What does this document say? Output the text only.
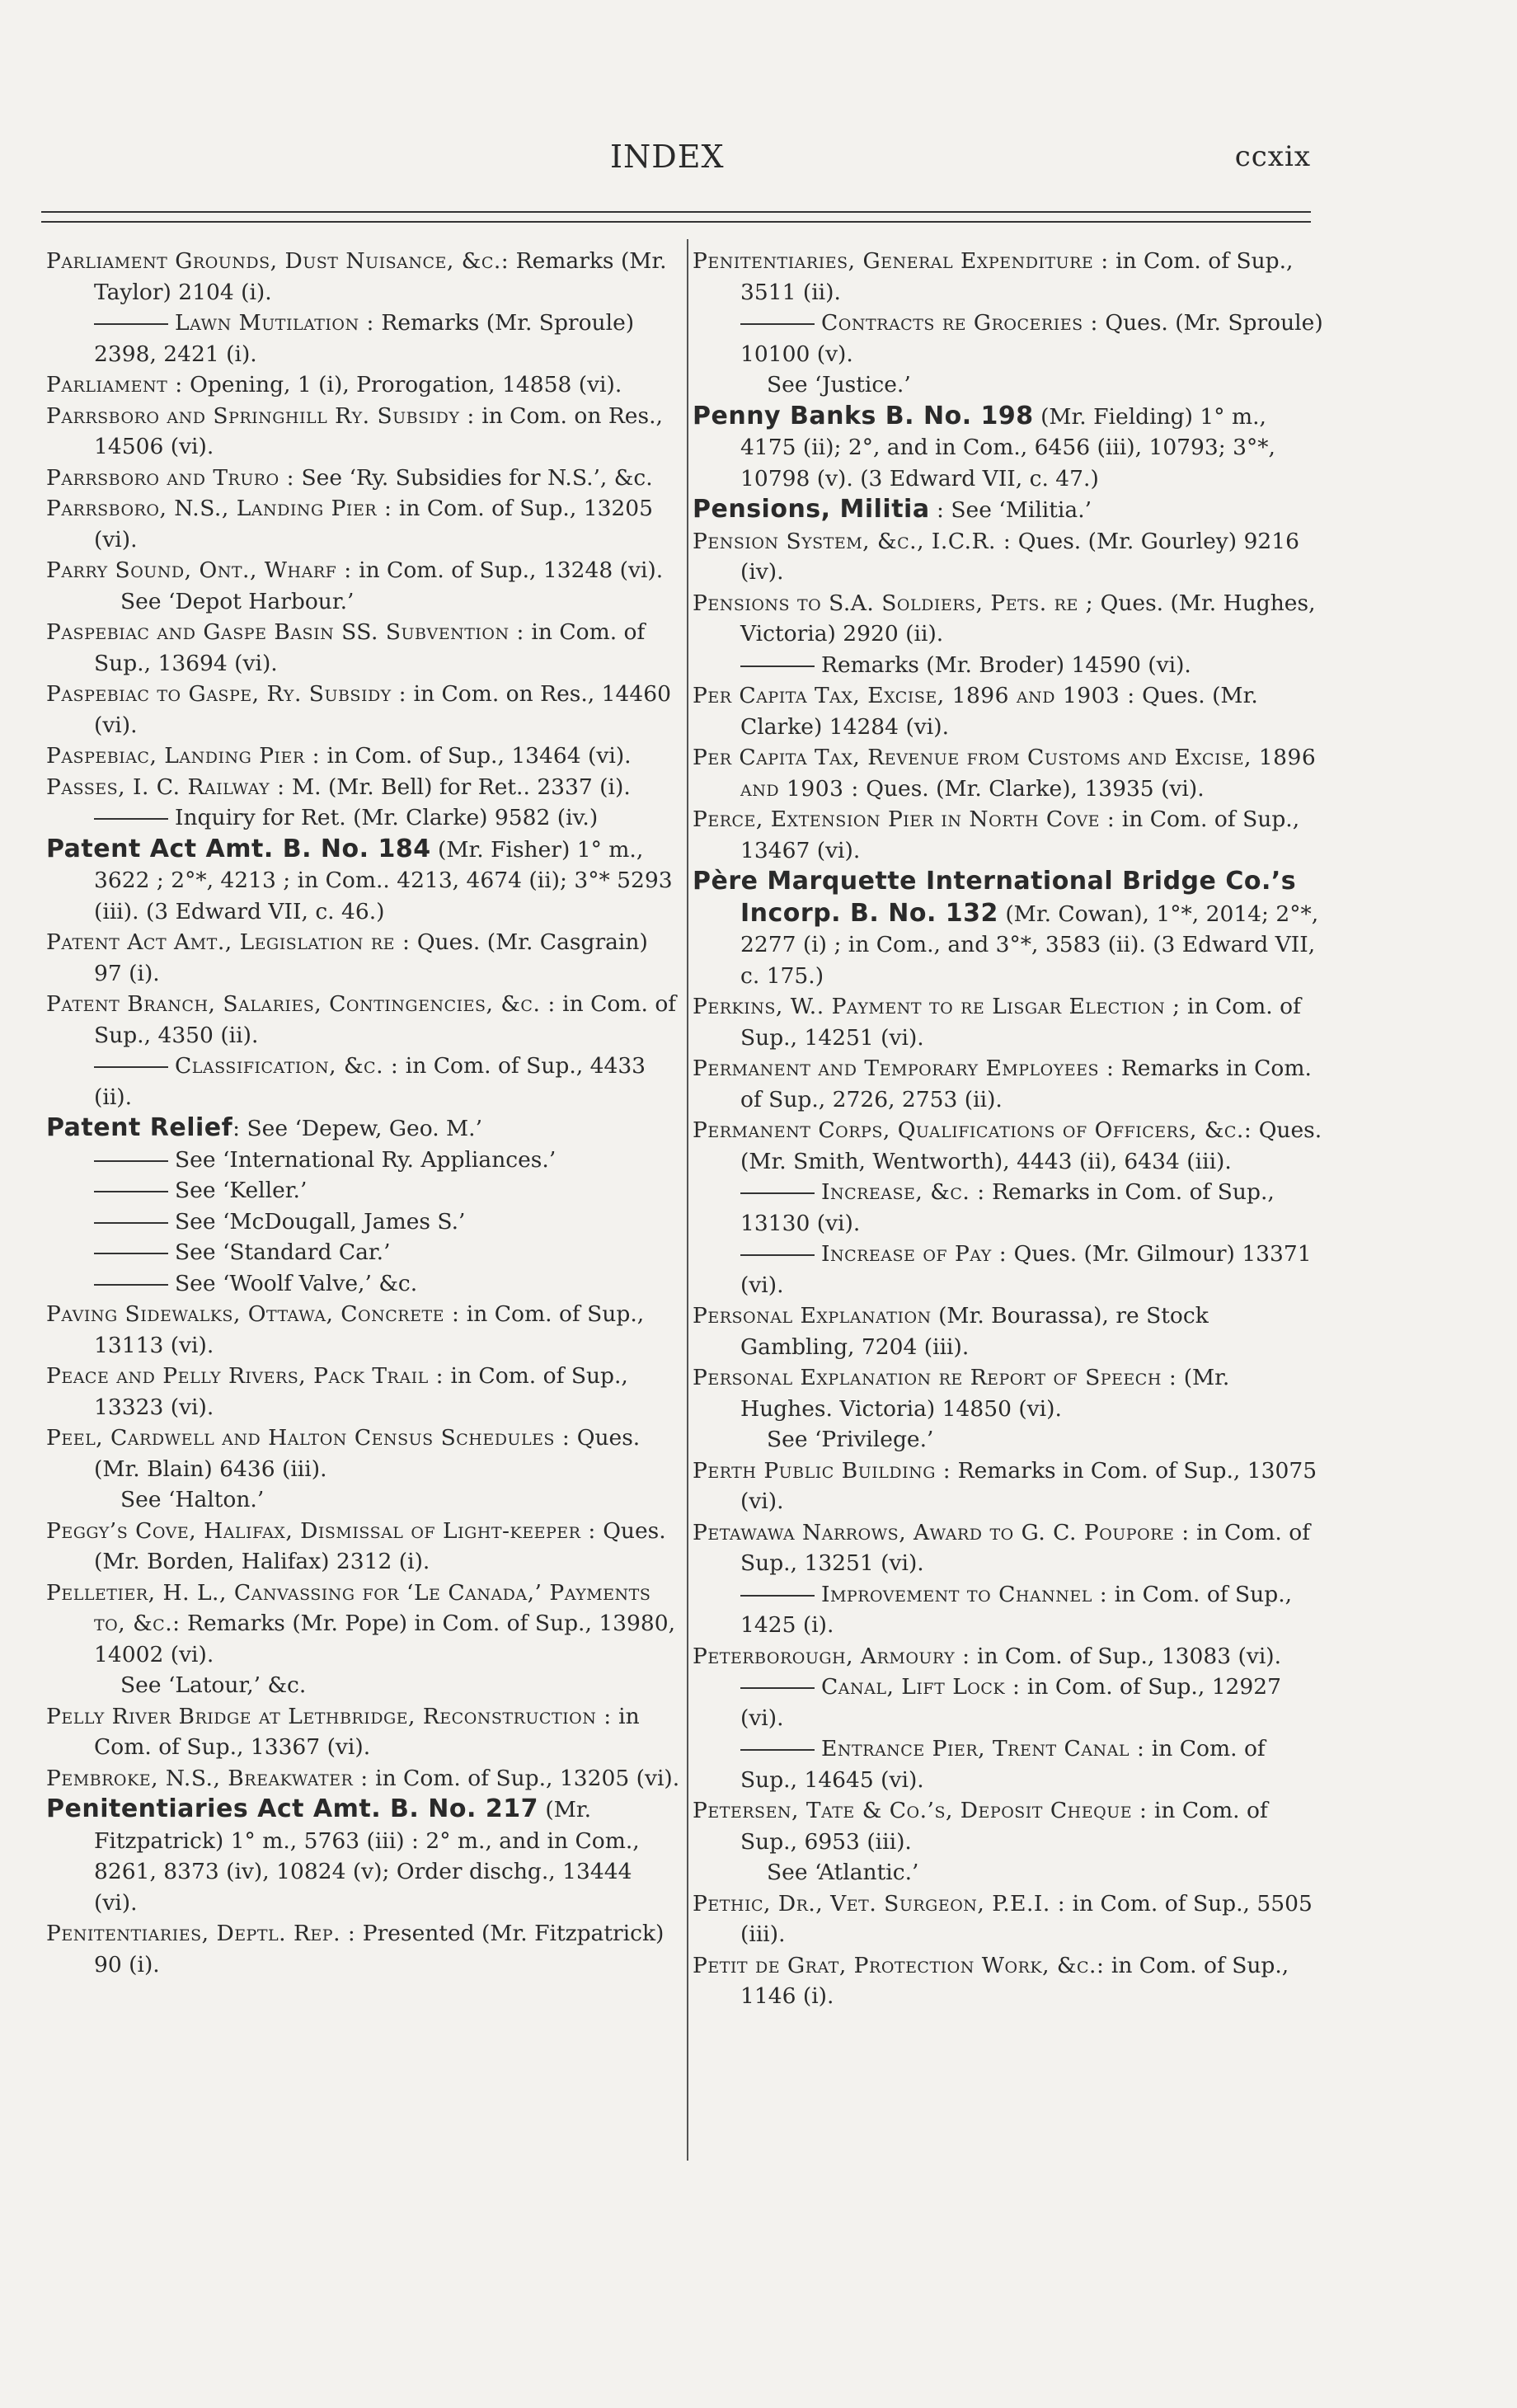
INDEX	ccxix

Parliament Grounds, Dust Nuisance, &c.: Remarks (Mr. Taylor) 2104 (i).

Lawn Mutilation : Remarks (Mr. Sproule) 2398, 2421 (i).

Parliament : Opening, 1 (i), Prorogation, 14858 (vi).

Parrsboro and Springhill Ry. Subsidy : in Com. on Res., 14506 (vi).

Parrsboro and Truro : See ‘Ry. Subsidies for N.S.’, &c.

Parrsboro, N.S., Landing Pier : in Com. of Sup., 13205 (vi).

Parry Sound, Ont., Wharf : in Com. of Sup., 13248 (vi).

See ‘Depot Harbour.’

Paspebiac and Gaspe Basin SS. Subvention : in Com. of Sup., 13694 (vi).

Paspebiac to Gaspe, Ry. Subsidy : in Com. on Res., 14460 (vi).

Paspebiac, Landing Pier : in Com. of Sup., 13464 (vi).

Passes, I. C. Railway : M. (Mr. Bell) for Ret.. 2337 (i).

Inquiry for Ret. (Mr. Clarke) 9582 (iv.)

Patent Act Amt. B. No. 184 (Mr. Fisher) 1° m., 3622 ; 2°*, 4213 ; in Com.. 4213, 4674 (ii); 3°* 5293 (iii). (3 Edward VII, c. 46.)

Patent Act Amt., Legislation re : Ques. (Mr. Casgrain) 97 (i).

Patent Branch, Salaries, Contingencies, &c. : in Com. of Sup., 4350 (ii).

Classification, &c. : in Com. of Sup., 4433 (ii).

Patent Relief: See ‘Depew, Geo. M.’

See ‘International Ry. Appliances.’

See ‘Keller.’

See ‘McDougall, James S.’

See ‘Standard Car.’

See ‘Woolf Valve,’ &c.

Paving Sidewalks, Ottawa, Concrete : in Com. of Sup., 13113 (vi).

Peace and Pelly Rivers, Pack Trail : in Com. of Sup., 13323 (vi).

Peel, Cardwell and Halton Census Schedules : Ques. (Mr. Blain) 6436 (iii).

See ‘Halton.’

Peggy’s Cove, Halifax, Dismissal of Light-keeper : Ques. (Mr. Borden, Halifax) 2312 (i).

Pelletier, H. L., Canvassing for ‘Le Canada,’ Payments to, &c.: Remarks (Mr. Pope) in Com. of Sup., 13980, 14002 (vi).

See ‘Latour,’ &c.

Pelly River Bridge at Lethbridge, Reconstruction : in Com. of Sup., 13367 (vi).

Pembroke, N.S., Breakwater : in Com. of Sup., 13205 (vi).

Penitentiaries Act Amt. B. No. 217 (Mr. Fitzpatrick) 1° m., 5763 (iii) : 2° m., and in Com., 8261, 8373 (iv), 10824 (v); Order dischg., 13444 (vi).

Penitentiaries, Deptl. Rep. : Presented (Mr. Fitzpatrick) 90 (i).

Penitentiaries, General Expenditure : in Com. of Sup., 3511 (ii).

Contracts re Groceries : Ques. (Mr. Sproule) 10100 (v).

See ‘Justice.’

Penny Banks B. No. 198 (Mr. Fielding) 1° m., 4175 (ii); 2°, and in Com., 6456 (iii), 10793; 3°*, 10798 (v). (3 Edward VII, c. 47.)

Pensions, Militia : See ‘Militia.’

Pension System, &c., I.C.R. : Ques. (Mr. Gourley) 9216 (iv).

Pensions to S.A. Soldiers, Pets. re ; Ques. (Mr. Hughes, Victoria) 2920 (ii).

Remarks (Mr. Broder) 14590 (vi).

Per Capita Tax, Excise, 1896 and 1903 : Ques. (Mr. Clarke) 14284 (vi).

Per Capita Tax, Revenue from Customs and Excise, 1896 and 1903 : Ques. (Mr. Clarke), 13935 (vi).

Perce, Extension Pier in North Cove : in Com. of Sup., 13467 (vi).

Père Marquette International Bridge Co.’s Incorp. B. No. 132 (Mr. Cowan), 1°*, 2014; 2°*, 2277 (i) ; in Com., and 3°*, 3583 (ii). (3 Edward VII, c. 175.)

Perkins, W.. Payment to re Lisgar Election ; in Com. of Sup., 14251 (vi).

Permanent and Temporary Employees : Remarks in Com. of Sup., 2726, 2753 (ii).

Permanent Corps, Qualifications of Officers, &c.: Ques. (Mr. Smith, Wentworth), 4443 (ii), 6434 (iii).

Increase, &c. : Remarks in Com. of Sup., 13130 (vi).

Increase of Pay : Ques. (Mr. Gilmour) 13371 (vi).

Personal Explanation (Mr. Bourassa), re Stock Gambling, 7204 (iii).

Personal Explanation re Report of Speech : (Mr. Hughes. Victoria) 14850 (vi).

See ‘Privilege.’

Perth Public Building : Remarks in Com. of Sup., 13075 (vi).

Petawawa Narrows, Award to G. C. Poupore : in Com. of Sup., 13251 (vi).

Improvement to Channel : in Com. of Sup., 1425 (i).

Peterborough, Armoury : in Com. of Sup., 13083 (vi).

Canal, Lift Lock : in Com. of Sup., 12927 (vi).

Entrance Pier, Trent Canal : in Com. of Sup., 14645 (vi).

Petersen, Tate & Co.’s, Deposit Cheque : in Com. of Sup., 6953 (iii).

See ‘Atlantic.’

Pethic, Dr., Vet. Surgeon, P.E.I. : in Com. of Sup., 5505 (iii).

Petit de Grat, Protection Work, &c.: in Com. of Sup., 1146 (i).
